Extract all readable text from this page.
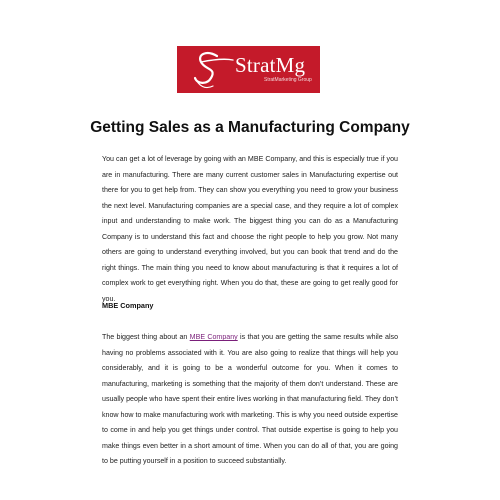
StratMg
StratMarketing Group
Getting Sales as a Manufacturing Company

You can get a lot of leverage by going with an MBE Company, and this is especially true if you are in manufacturing. There are many current customer sales in Manufacturing expertise out there for you to get help from. They can show you everything you need to grow your business the next level. Manufacturing companies are a special case, and they require a lot of complex input and understanding to make work. The biggest thing you can do as a Manufacturing Company is to understand this fact and choose the right people to help you grow. Not many others are going to understand everything involved, but you can book that trend and do the right things. The main thing you need to know about manufacturing is that it requires a lot of complex work to get everything right. When you do that, these are going to get really good for you.

MBE Company

The biggest thing about an MBE Company is that you are getting the same results while also having no problems associated with it. You are also going to realize that things will help you considerably, and it is going to be a wonderful outcome for you. When it comes to manufacturing, marketing is something that the majority of them don’t understand. These are usually people who have spent their entire lives working in that manufacturing field. They don’t know how to make manufacturing work with marketing. This is why you need outside expertise to come in and help you get things under control. That outside expertise is going to help you make things even better in a short amount of time. When you can do all of that, you are going to be putting yourself in a position to succeed substantially.
